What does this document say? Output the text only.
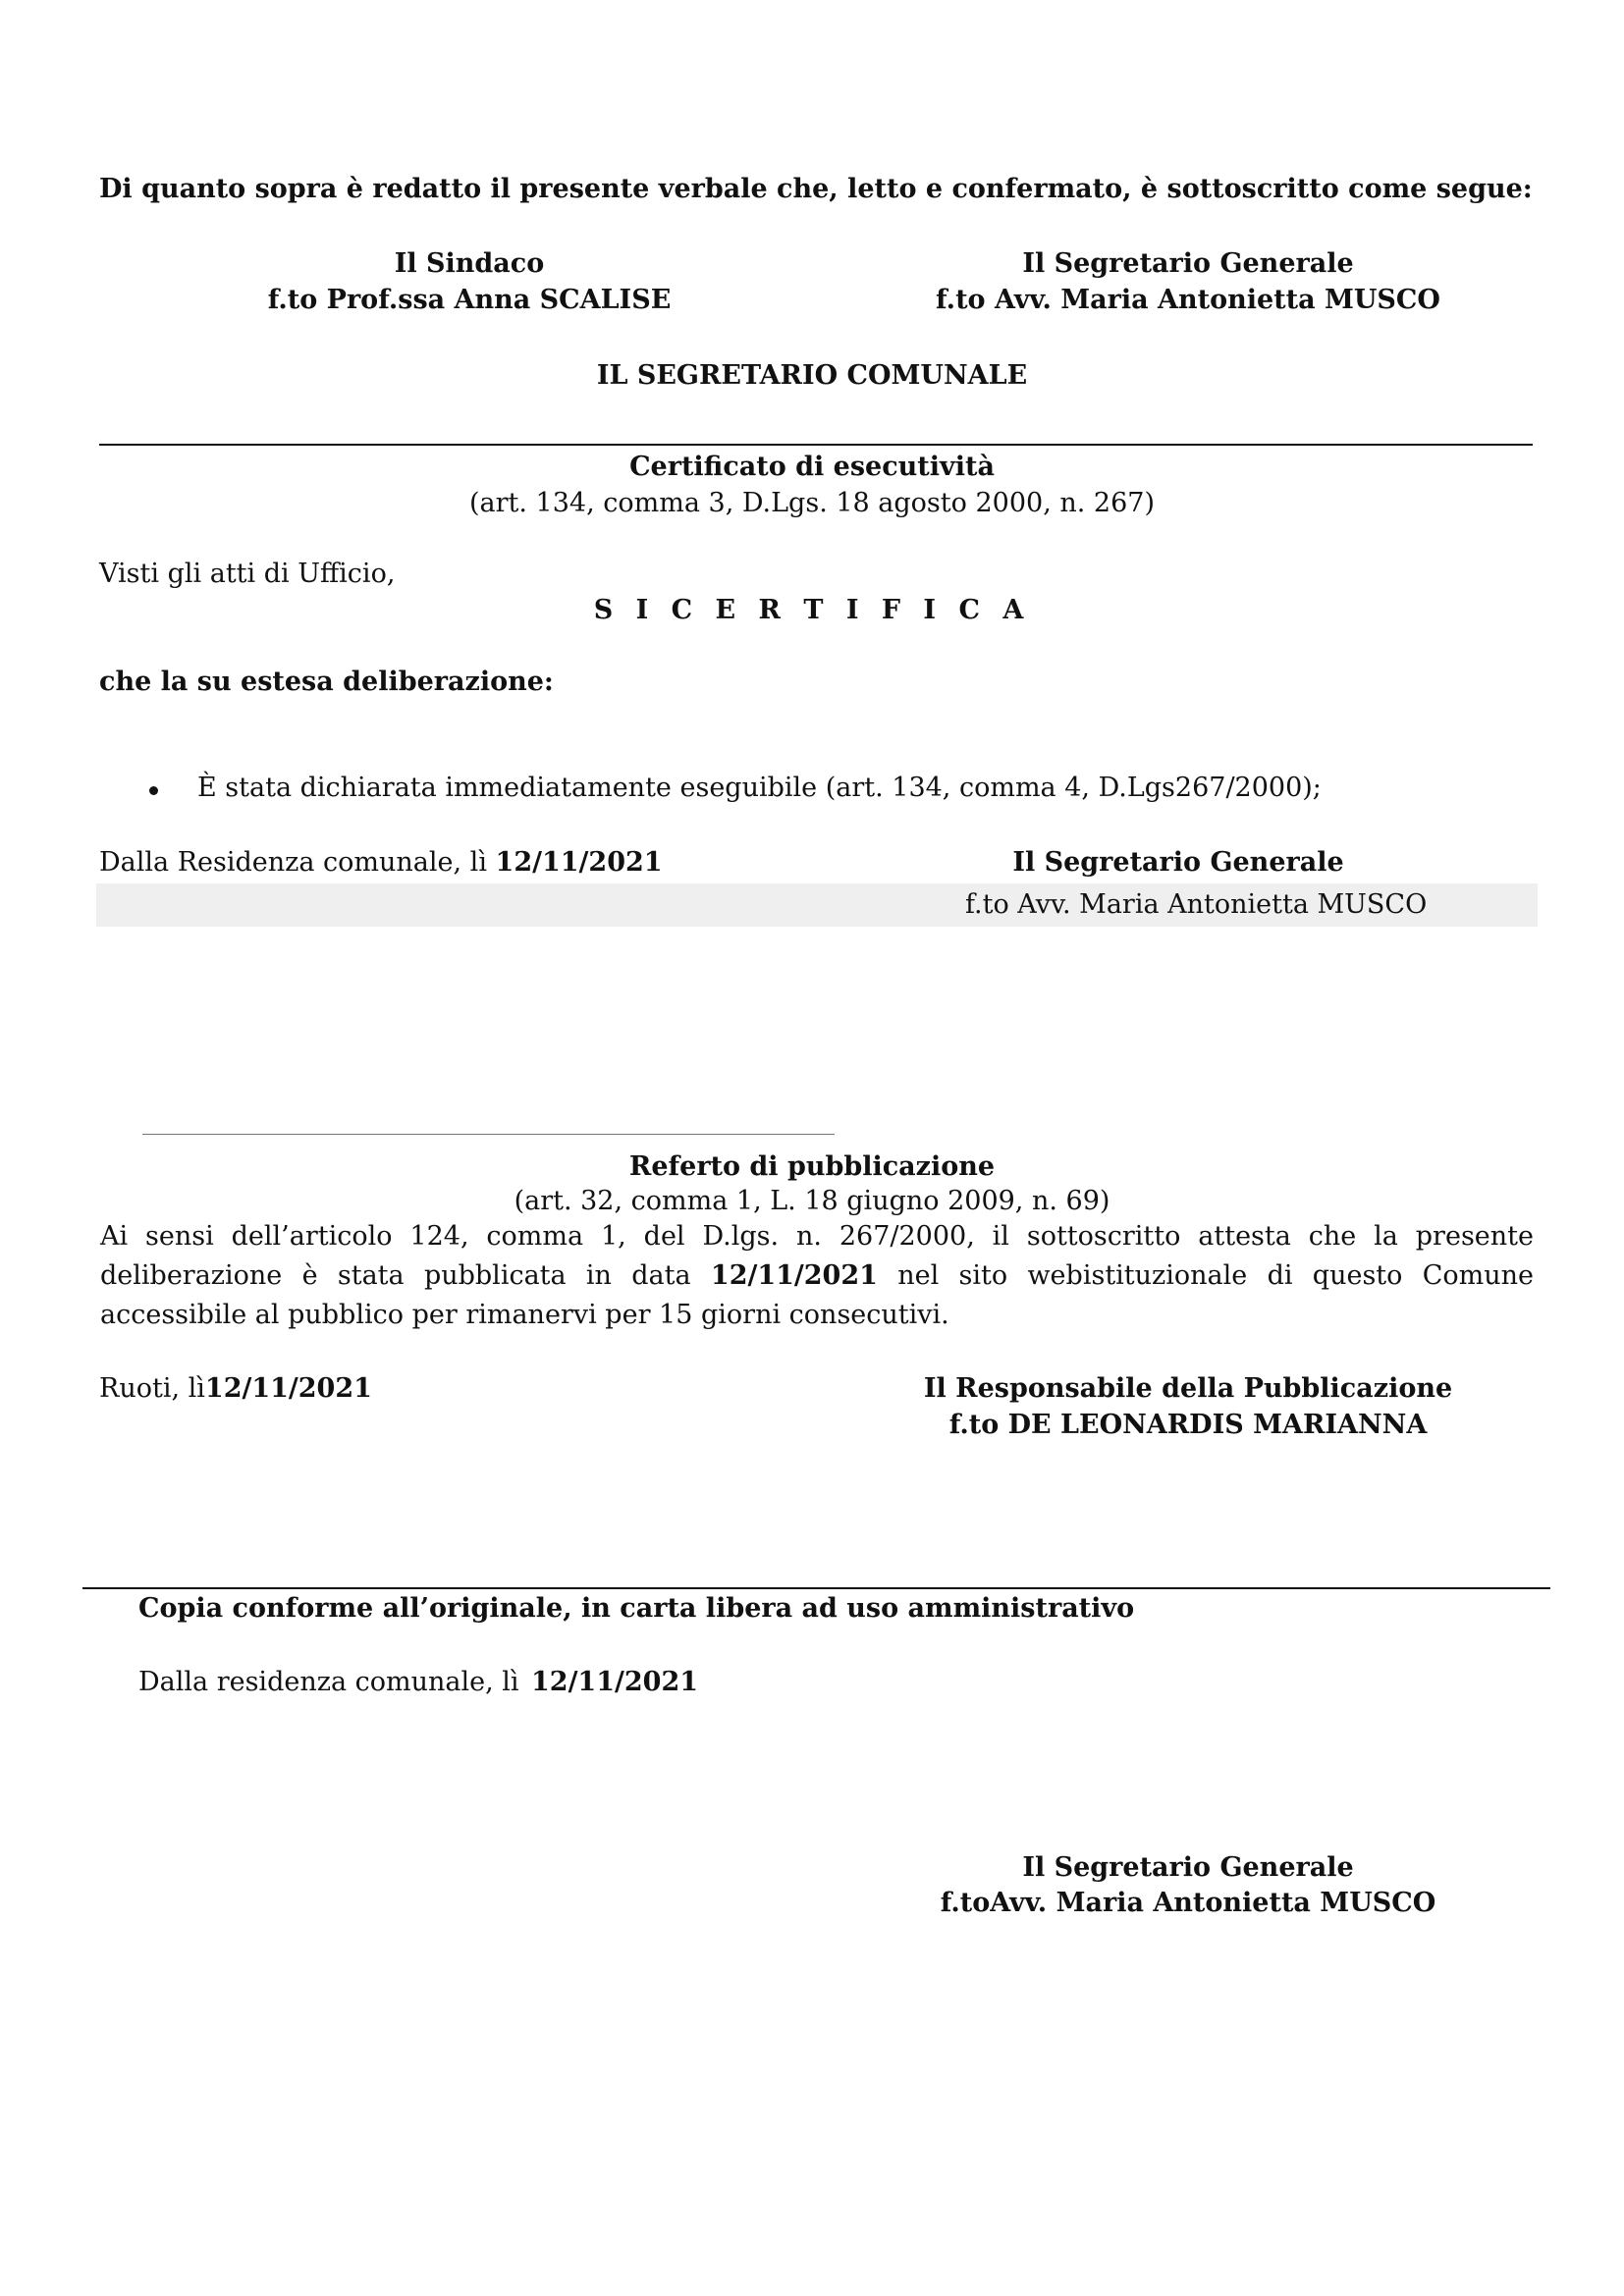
Di quanto sopra è redatto il presente verbale che, letto e confermato, è sottoscritto come segue:
Il Sindaco
f.to Prof.ssa Anna SCALISE
Il Segretario Generale
f.to Avv. Maria Antonietta MUSCO
IL SEGRETARIO COMUNALE
Certificato di esecutività
(art. 134, comma 3, D.Lgs. 18 agosto 2000, n. 267)
Visti gli atti di Ufficio,
S I C E R T I F I C A
che la su estesa deliberazione:
È stata dichiarata immediatamente eseguibile (art. 134, comma 4, D.Lgs267/2000);
Dalla Residenza comunale, lì 12/11/2021	Il Segretario Generale
f.to Avv. Maria Antonietta MUSCO
______________________________________________________________________________________________
Referto di pubblicazione
(art. 32, comma 1, L. 18 giugno 2009, n. 69)
Ai sensi dell’articolo 124, comma 1, del D.lgs. n. 267/2000, il sottoscritto attesta che la presente deliberazione è stata pubblicata in data 12/11/2021 nel sito webistituzionale di questo Comune accessibile al pubblico per rimanervi per 15 giorni consecutivi.
Ruoti, lì12/11/2021	Il Responsabile della Pubblicazione
f.to DE LEONARDIS MARIANNA
Copia conforme all’originale, in carta libera ad uso amministrativo
Dalla residenza comunale, lì 12/11/2021
Il Segretario Generale
f.toAvv. Maria Antonietta MUSCO
